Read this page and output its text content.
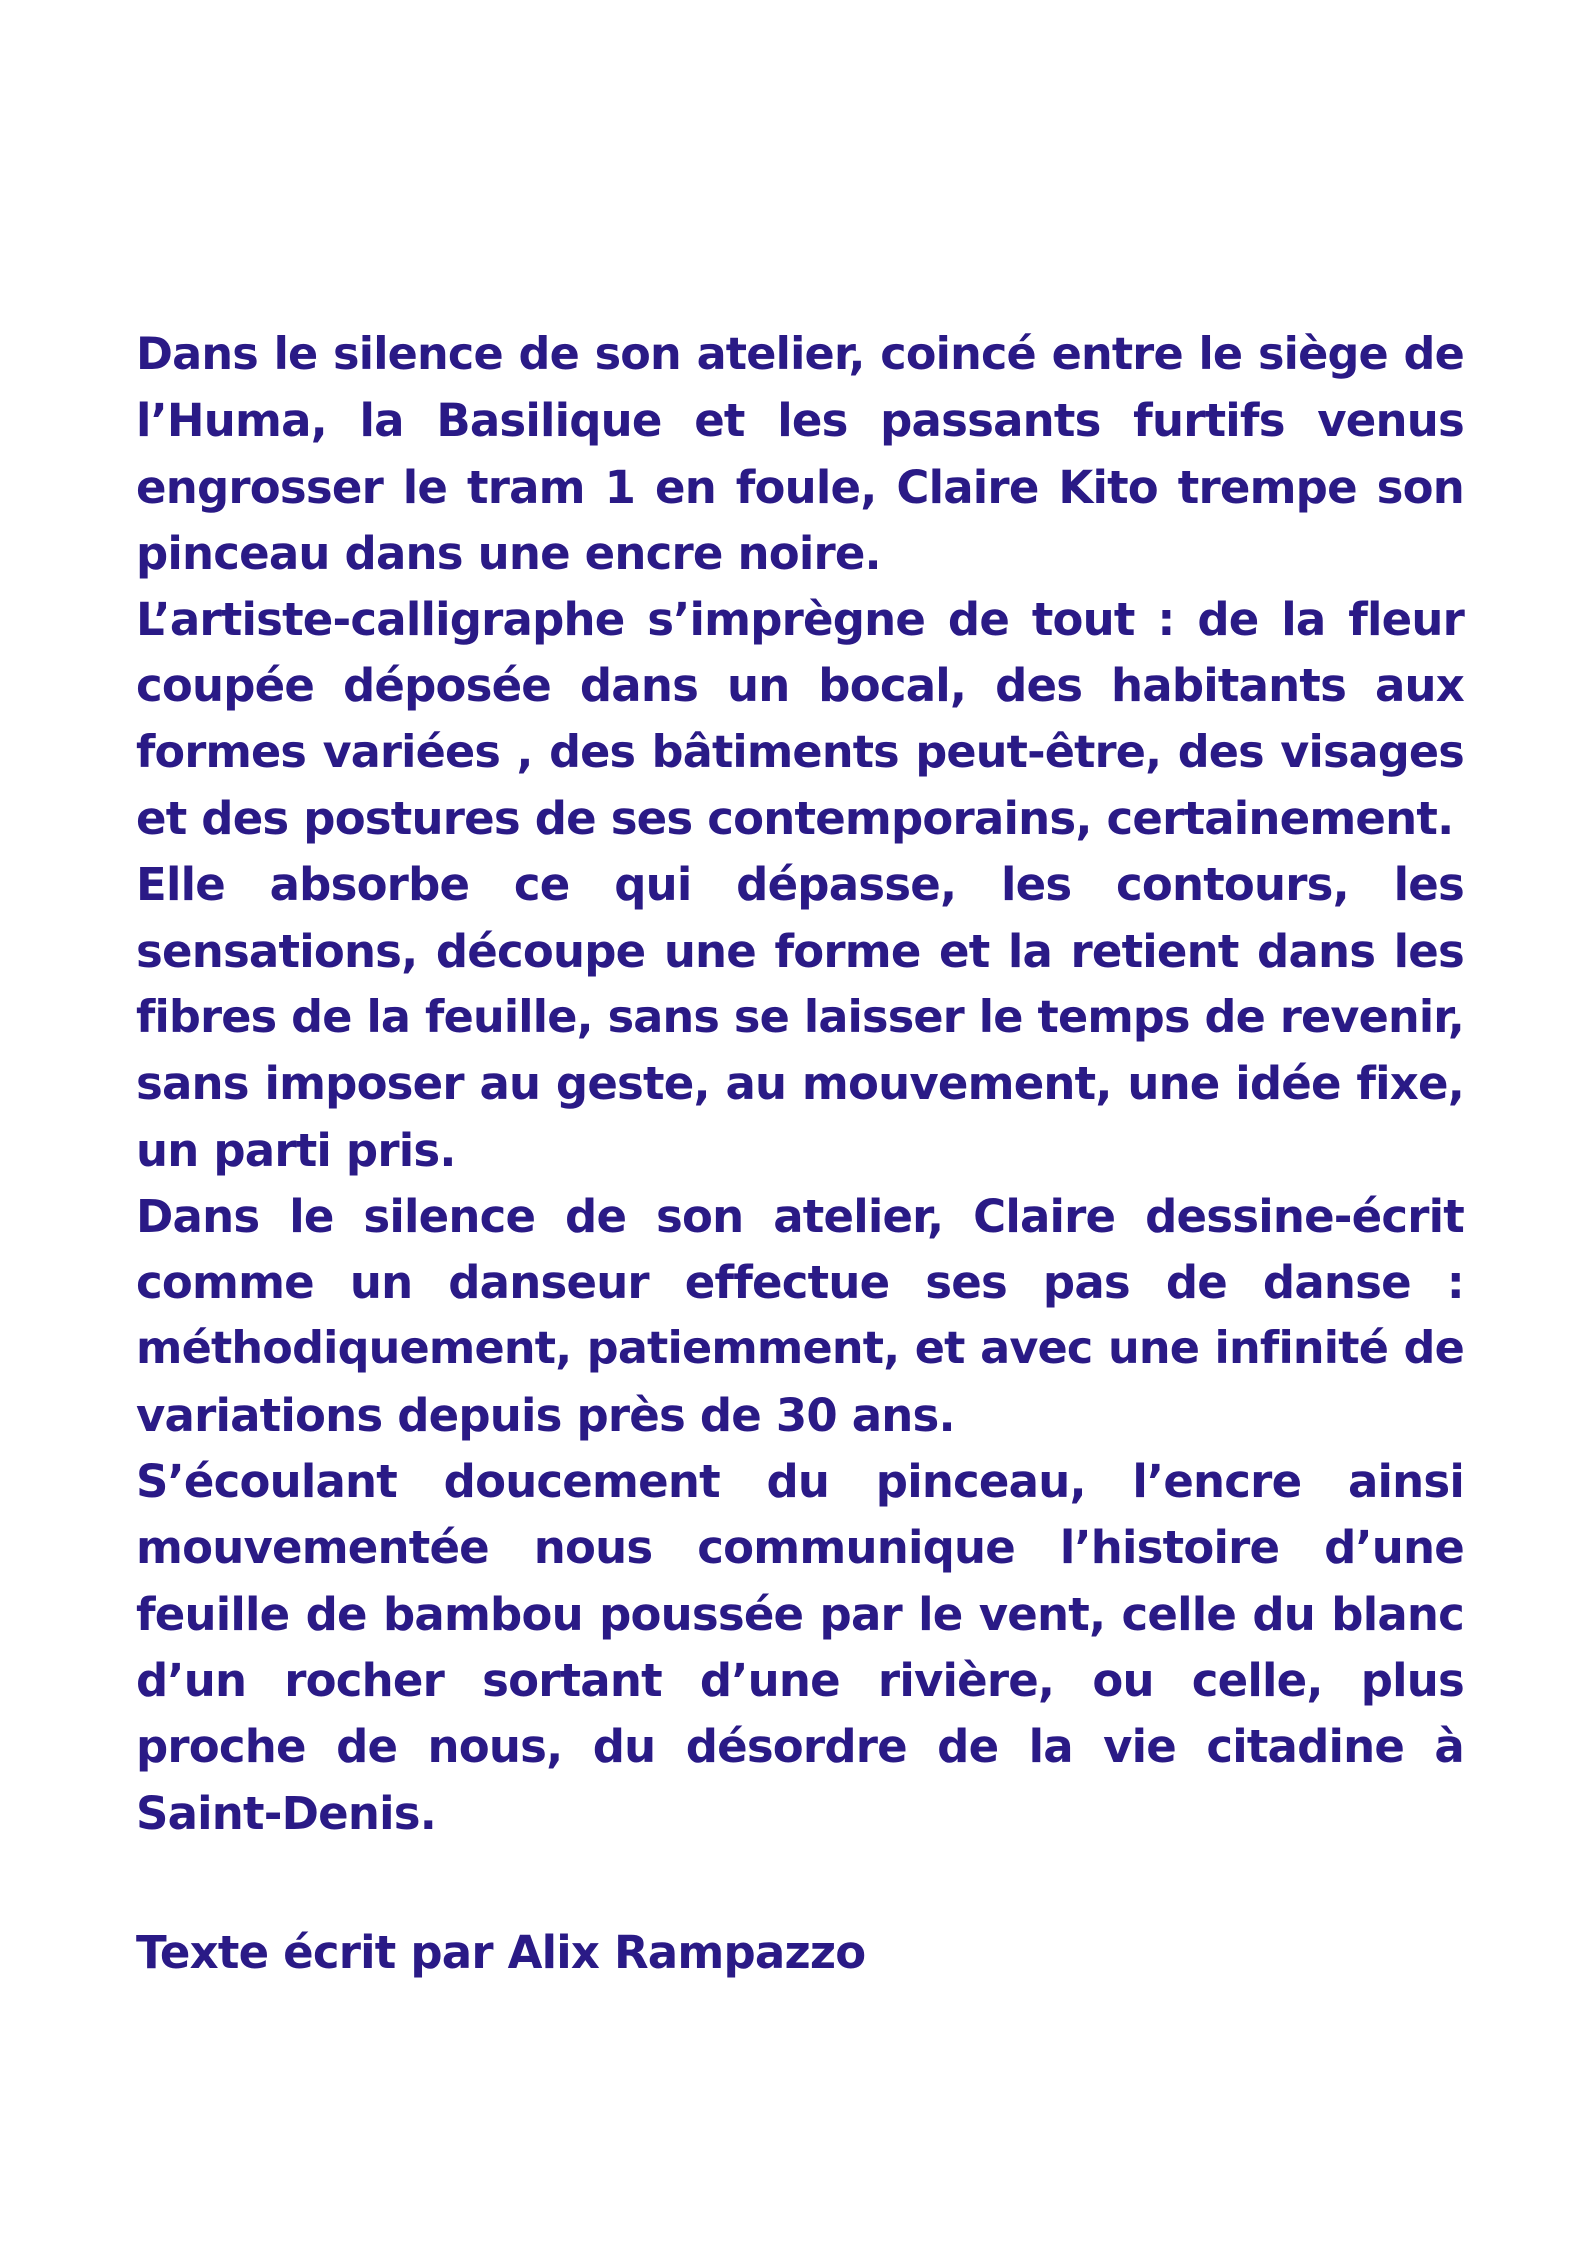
Dans le silence de son atelier, coincé entre le siège de
l’Huma, la Basilique et les passants furtifs venus
engrosser le tram 1 en foule, Claire Kito trempe son
pinceau dans une encre noire.

L’artiste-calligraphe s’imprègne de tout : de la fleur
coupée déposée dans un bocal, des habitants aux
formes variées , des bâtiments peut-être, des visages
et des postures de ses contemporains, certainement.

Elle absorbe ce qui dépasse, les contours, les
sensations, découpe une forme et la retient dans les
fibres de la feuille, sans se laisser le temps de revenir,
sans imposer au geste, au mouvement, une idée fixe,
un parti pris.

Dans le silence de son atelier, Claire dessine-écrit
comme un danseur effectue ses pas de danse :
méthodiquement, patiemment, et avec une infinité de
variations depuis près de 30 ans.

S’écoulant doucement du pinceau, l’encre ainsi
mouvementée nous communique l’histoire d’une
feuille de bambou poussée par le vent, celle du blanc
d’un rocher sortant d’une rivière, ou celle, plus
proche de nous, du désordre de la vie citadine à
Saint-Denis.

Texte écrit par Alix Rampazzo
